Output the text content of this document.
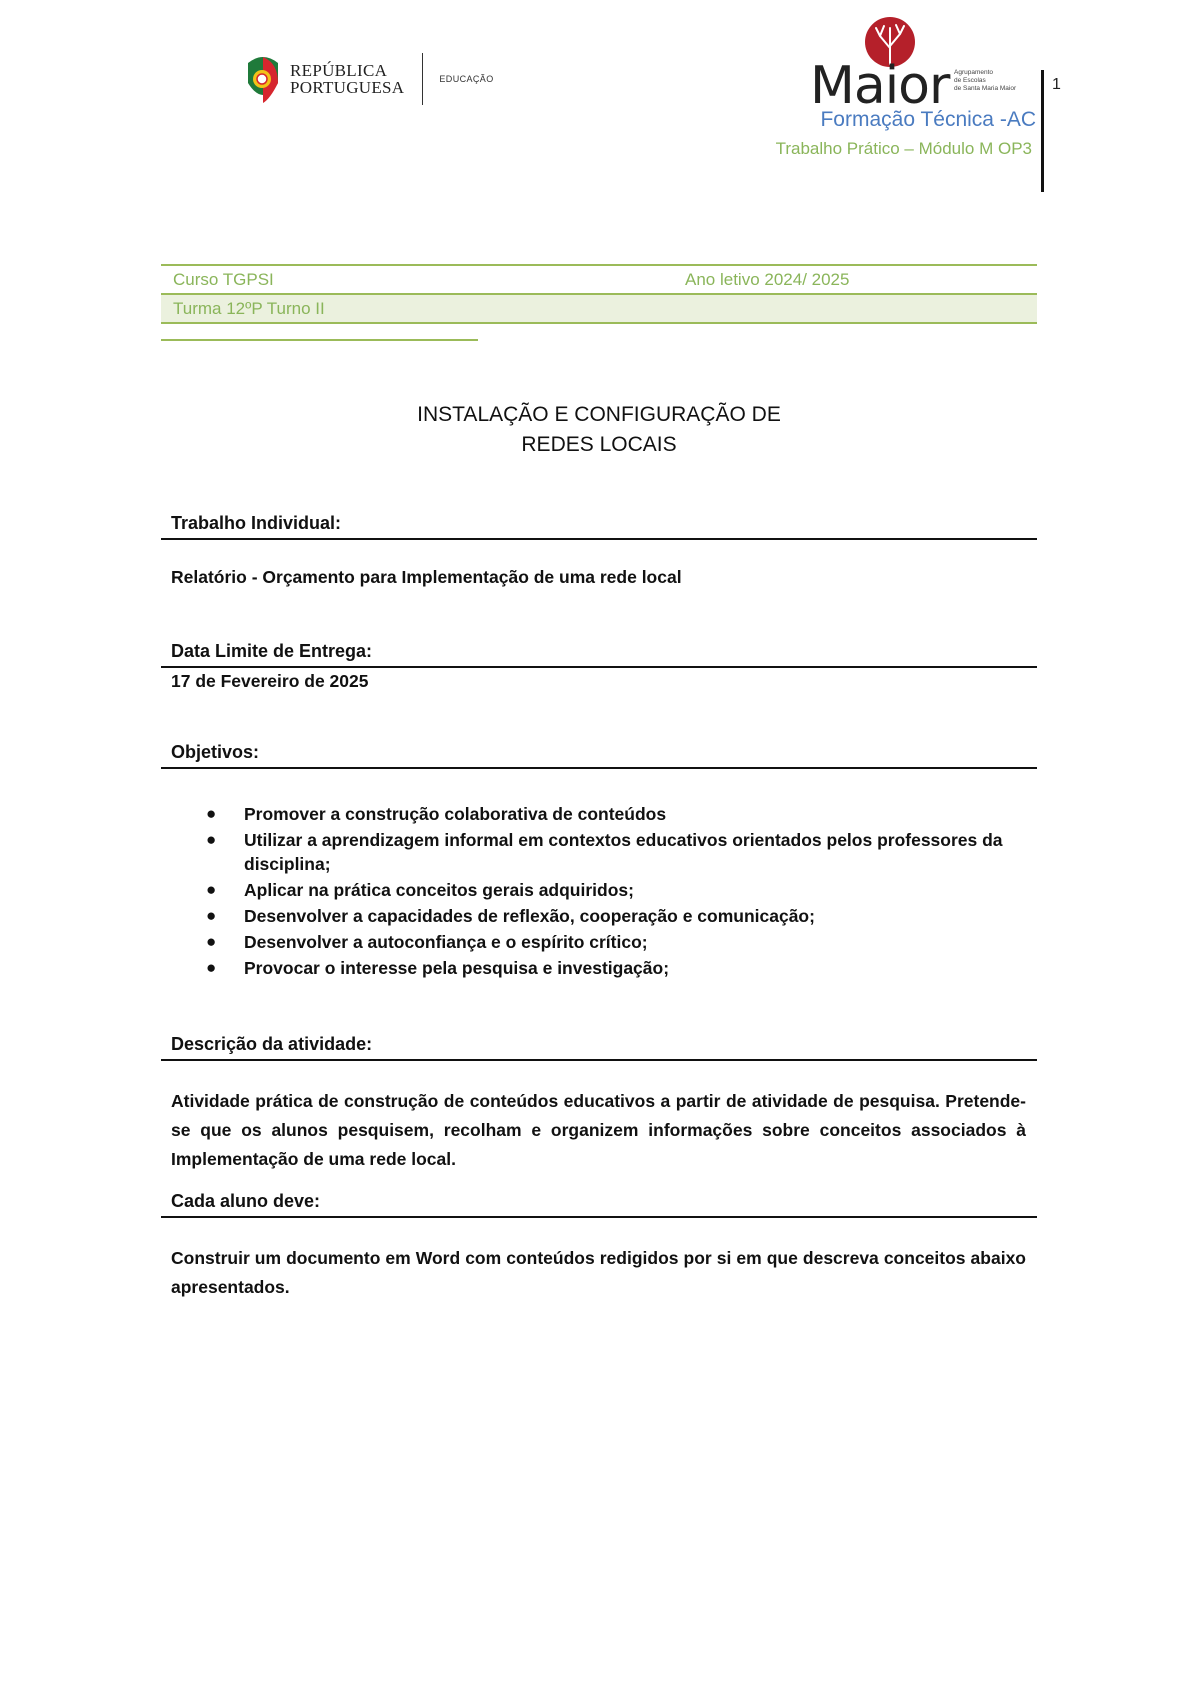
REPÚBLICA
PORTUGUESA	EDUCAÇÃO	Maior Agrupamento
de Escolas
de Santa Maria Maior 1
Formação Técnica -AC
Trabalho Prático – Módulo M OP3
Curso TGPSI	Ano letivo 2024/ 2025
Turma 12ºP Turno II
INSTALAÇÃO E CONFIGURAÇÃO DE
REDES LOCAIS
Trabalho Individual:
Relatório - Orçamento para Implementação de uma rede local
Data Limite de Entrega:
17 de Fevereiro de 2025
Objetivos:
● Promover a construção colaborativa de conteúdos
● Utilizar a aprendizagem informal em contextos educativos orientados pelos professores da disciplina;
● Aplicar na prática conceitos gerais adquiridos;
● Desenvolver a capacidades de reflexão, cooperação e comunicação;
● Desenvolver a autoconfiança e o espírito crítico;
● Provocar o interesse pela pesquisa e investigação;
Descrição da atividade:
Atividade prática de construção de conteúdos educativos a partir de atividade de pesquisa. Pretende-se que os alunos pesquisem, recolham e organizem informações sobre conceitos associados à Implementação de uma rede local.
Cada aluno deve:
Construir um documento em Word com conteúdos redigidos por si em que descreva conceitos abaixo apresentados.
